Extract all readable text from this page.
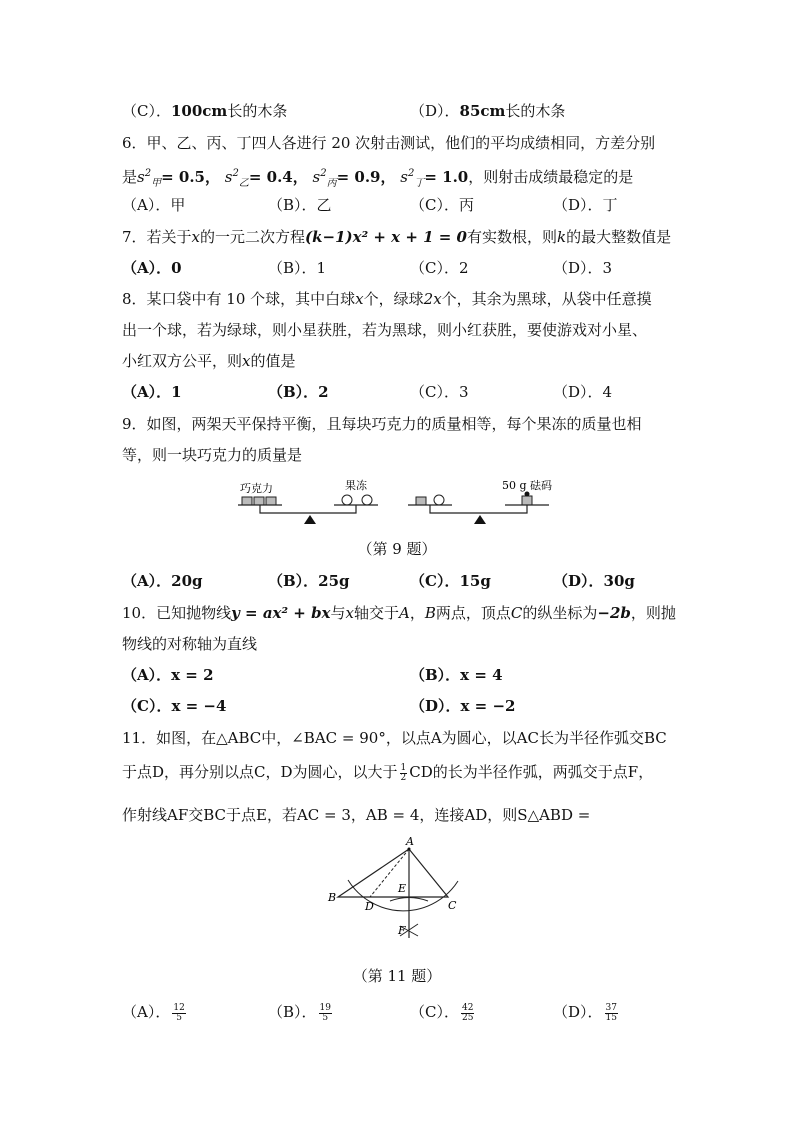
（C）．100cm长的木条	（D）．85cm长的木条
6．甲、乙、丙、丁四人各进行 20 次射击测试，他们的平均成绩相同，方差分别
是$s^2_甲= 0.5$， $s^2_乙= 0.4$， $s^2_丙= 0.9$， $s^2_丁= 1.0$，则射击成绩最稳定的是
（A）．甲	（B）．乙	（C）．丙	（D）．丁
7．若关于x的一元二次方程(k−1)x² + x + 1 = 0有实数根，则k的最大整数值是
（A）．0	（B）．1	（C）．2	（D）．3
8．某口袋中有 10 个球，其中白球x个，绿球2x个，其余为黑球，从袋中任意摸
出一个球，若为绿球，则小星获胜，若为黑球，则小红获胜，要使游戏对小星、
小红双方公平，则x的值是
（A）．1	（B）．2	（C）．3	（D）．4
9．如图，两架天平保持平衡，且每块巧克力的质量相等，每个果冻的质量也相
等，则一块巧克力的质量是
巧克力	果冻	50 g 砝码
（第 9 题）
（A）．20g	（B）．25g	（C）．15g	（D）．30g
10．已知抛物线y = ax² + bx与x轴交于A，B两点，顶点C的纵坐标为−2b，则抛
物线的对称轴为直线
（A）．x = 2	（B）．x = 4
（C）．x = −4	（D）．x = −2
11．如图，在△ABC中，∠BAC = 90°，以点A为圆心，以AC长为半径作弧交BC
于点D，再分别以点C，D为圆心，以大于 $\frac{1}{2}$ CD的长为半径作弧，两弧交于点F，
作射线AF交BC于点E，若AC = 3，AB = 4，连接AD，则S△ABD =
A
B
C
D
E
F
（第 11 题）
（A）． $\frac{12}{5}$	（B）． $\frac{19}{5}$	（C）． $\frac{42}{25}$	（D）． $\frac{37}{15}$
